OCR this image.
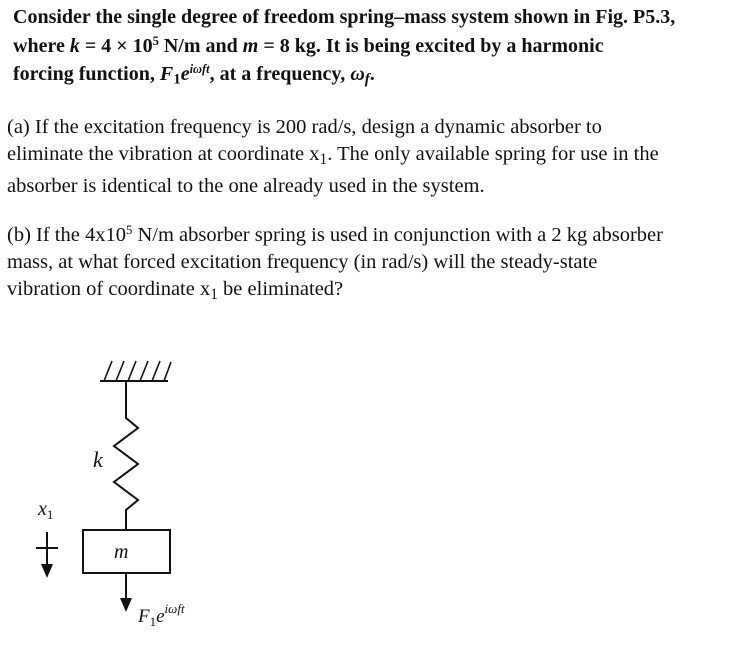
Consider the single degree of freedom spring–mass system shown in Fig. P5.3,
where $k = 4 \times 10^5$ N/m and m = 8 kg. It is being excited by a harmonic
forcing function, $F_1e^{i\omega ft}$, at a frequency, $\omega_f$.
(a) If the excitation frequency is 200 rad/s, design a dynamic absorber to
eliminate the vibration at coordinate $x_1$. The only available spring for use in the
absorber is identical to the one already used in the system.
(b) If the $4x10^5$ N/m absorber spring is used in conjunction with a 2 kg absorber
mass, at what forced excitation frequency (in rad/s) will the steady-state
vibration of coordinate $x_1$ be eliminated?
m
k
$x_1$
$F_1e^{i\omega ft}$
